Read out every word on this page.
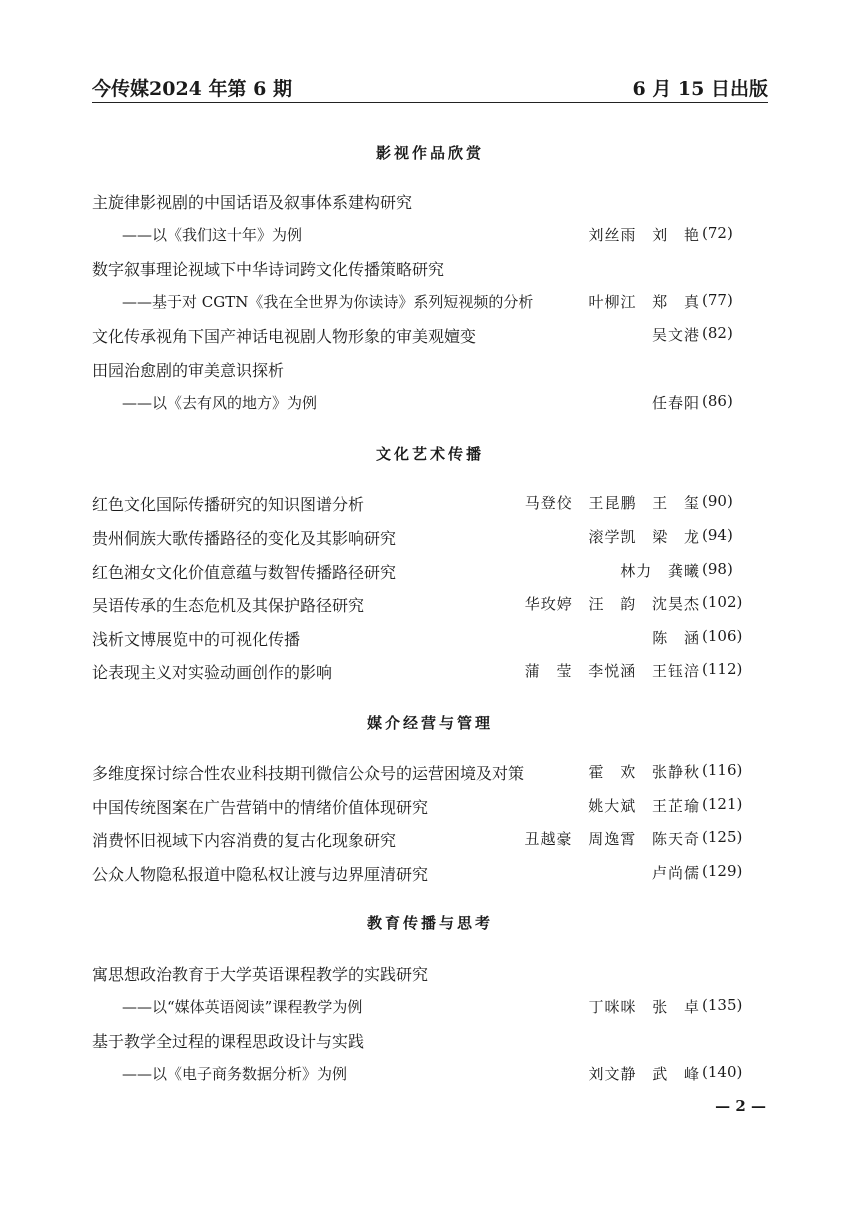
今传媒2024 年第 6 期	6 月 15 日出版
影视作品欣赏
主旋律影视剧的中国话语及叙事体系建构研究
——以《我们这十年》为例	刘丝雨 刘 艳 (72)
数字叙事理论视域下中华诗词跨文化传播策略研究
——基于对 CGTN《我在全世界为你读诗》系列短视频的分析	叶柳江 郑 真 (77)
文化传承视角下国产神话电视剧人物形象的审美观嬗变	吴文港 (82)
田园治愈剧的审美意识探析
——以《去有风的地方》为例	任春阳 (86)
文化艺术传播
红色文化国际传播研究的知识图谱分析	马登佼 王昆鹏 王 玺 (90)
贵州侗族大歌传播路径的变化及其影响研究	滚学凯 梁 龙 (94)
红色湘女文化价值意蕴与数智传播路径研究	林力 龚曦 (98)
吴语传承的生态危机及其保护路径研究	华玫婷 汪 韵 沈昊杰 (102)
浅析文博展览中的可视化传播	陈 涵 (106)
论表现主义对实验动画创作的影响	蒲 莹 李悦涵 王钰涪 (112)
媒介经营与管理
多维度探讨综合性农业科技期刊微信公众号的运营困境及对策	霍 欢 张静秋 (116)
中国传统图案在广告营销中的情绪价值体现研究	姚大斌 王芷瑜 (121)
消费怀旧视域下内容消费的复古化现象研究	丑越豪 周逸霄 陈天奇 (125)
公众人物隐私报道中隐私权让渡与边界厘清研究	卢尚儒 (129)
教育传播与思考
寓思想政治教育于大学英语课程教学的实践研究
——以“媒体英语阅读”课程教学为例	丁咪咪 张 卓 (135)
基于教学全过程的课程思政设计与实践
——以《电子商务数据分析》为例	刘文静 武 峰 (140)
— 2 —
